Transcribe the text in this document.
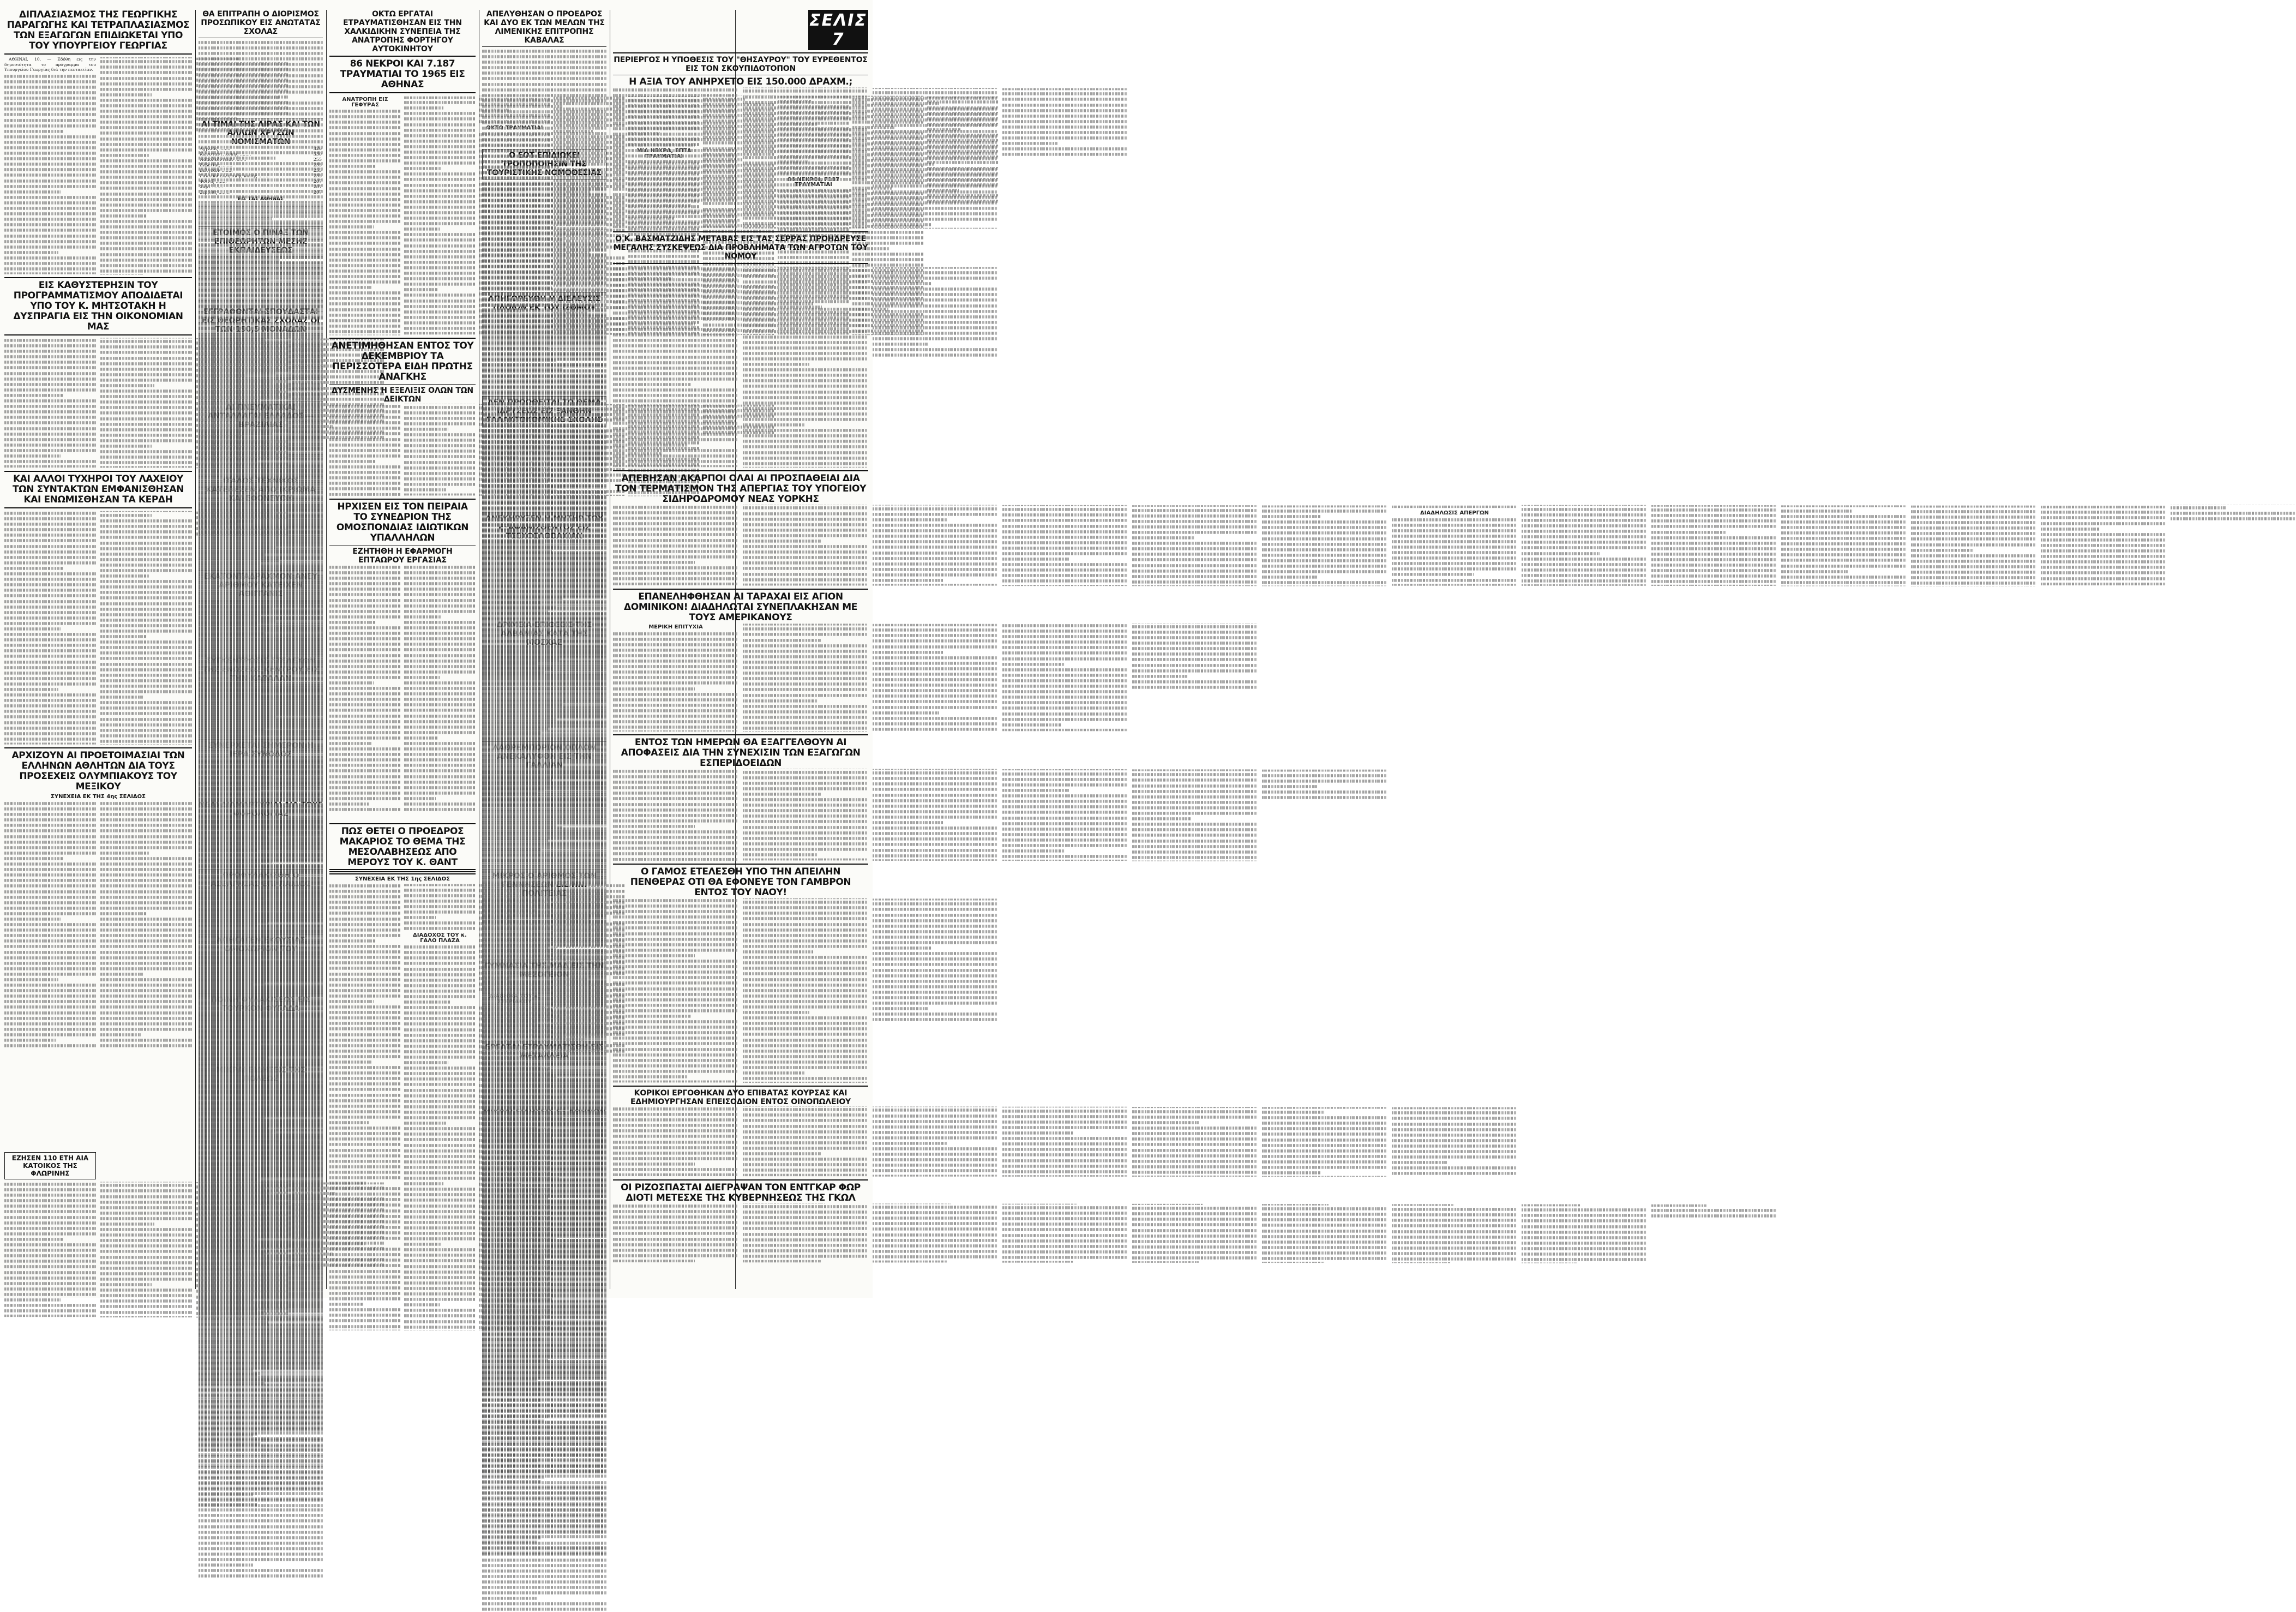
ΔΙΠΛΑΣΙΑΣΜΟΣ ΤΗΣ ΓΕΩΡΓΙΚΗΣ ΠΑΡΑΓΩΓΗΣ ΚΑΙ ΤΕΤΡΑΠΛΑΣΙΑΣΜΟΣ ΤΩΝ ΕΞΑΓΩΓΩΝ ΕΠΙΔΙΩΚΕΤΑΙ ΥΠΟ ΤΟΥ ΥΠΟΥΡΓΕΙΟΥ ΓΕΩΡΓΙΑΣ

ΑΘΗΝΑΙ, 10. — Εδόθη εις την δημοσιότητα το πρόγραμμα του Υπουργείου Γεωργίας διά την πενταετίαν.

ΕΙΣ ΚΑΘΥΣΤΕΡΗΣΙΝ ΤΟΥ ΠΡΟΓΡΑΜΜΑΤΙΣΜΟΥ ΑΠΟΔΙΔΕΤΑΙ ΥΠΟ ΤΟΥ Κ. ΜΗΤΣΟΤΑΚΗ Η ΔΥΣΠΡΑΓΙΑ ΕΙΣ ΤΗΝ ΟΙΚΟΝΟΜΙΑΝ ΜΑΣ
ΚΑΙ ΑΛΛΟΙ ΤΥΧΗΡΟΙ ΤΟΥ ΛΑΧΕΙΟΥ ΤΩΝ ΣΥΝΤΑΚΤΩΝ ΕΜΦΑΝΙΣΘΗΣΑΝ ΚΑΙ ΕΝΩΜΙΣΘΗΣΑΝ ΤΑ ΚΕΡΔΗ
ΑΡΧΙΖΟΥΝ ΑΙ ΠΡΟΕΤΟΙΜΑΣΙΑΙ ΤΩΝ ΕΛΛΗΝΩΝ ΑΘΛΗΤΩΝ ΔΙΑ ΤΟΥΣ ΠΡΟΣΕΧΕΙΣ ΟΛΥΜΠΙΑΚΟΥΣ ΤΟΥ ΜΕΞΙΚΟΥ
ΣΥΝΕΧΕΙΑ ΕΚ ΤΗΣ 4ης ΣΕΛΙΔΟΣ
ΕΖΗΣΕΝ 110 ΕΤΗ ΑΙΑ ΚΑΤΟΙΚΟΣ ΤΗΣ ΦΛΩΡΙΝΗΣ
ΘΑ ΕΠΙΤΡΑΠΗ Ο ΔΙΟΡΙΣΜΟΣ ΠΡΟΣΩΠΙΚΟΥ ΕΙΣ ΑΝΩΤΑΤΑΣ ΣΧΟΛΑΣ
ΑΛΛΩΝ ΧΡΥΣΩΝ
Αγγλίας ........	326
Κωνσταντ. κοπής ........	330
Ναπολεόντειον ........	255
Ελβετίας ........	255
Βελγικόν ........	255
Γαλλικά ελληνικής κοπής ........	255
Φοινιξ ........	207
Χαρτ ........	207

ΕΙΣ ΤΑΣ ΑΘΗΝΑΣ
ΣΧΟΛΑΣ ΟΙ
ΟΚΤΩ ΕΡΓΑΤΑΙ ΕΤΡΑΥΜΑΤΙΣΘΗΣΑΝ ΕΙΣ ΤΗΝ ΧΑΛΚΙΔΙΚΗΝ ΣΥΝΕΠΕΙΑ ΤΗΣ ΑΝΑΤΡΟΠΗΣ ΦΟΡΤΗΓΟΥ ΑΥΤΟΚΙΝΗΤΟΥ
86 ΝΕΚΡΟΙ ΚΑΙ 7.187 ΤΡΑΥΜΑΤΙΑΙ ΤΟ 1965 ΕΙΣ ΑΘΗΝΑΣ
ΑΝΑΤΡΟΠΗ ΕΙΣ ΓΕΦΥΡΑΣ
ΤΡΑΥΜΑΤΙΑΙ
ΑΝΕΤΙΜΗΘΗΣΑΝ ΕΝΤΟΣ ΤΟΥ ΔΕΚΕΜΒΡΙΟΥ ΤΑ ΠΕΡΙΣΣΟΤΕΡΑ ΕΙΔΗ ΠΡΩΤΗΣ ΑΝΑΓΚΗΣ
ΔΥΣΜΕΝΗΣ Η ΕΞΕΛΙΞΙΣ ΟΛΩΝ ΤΩΝ ΔΕΙΚΤΩΝ
ΗΡΧΙΣΕΝ ΕΙΣ ΤΟΝ ΠΕΙΡΑΙΑ ΤΟ ΣΥΝΕΔΡΙΟΝ ΤΗΣ ΟΜΟΣΠΟΝΔΙΑΣ ΙΔΙΩΤΙΚΩΝ ΥΠΑΛΛΗΛΩΝ
ΕΖΗΤΗΘΗ Η ΕΦΑΡΜΟΓΗ ΕΠΤΑΩΡΟΥ ΕΡΓΑΣΙΑΣ
ΠΩΣ ΘΕΤΕΙ Ο ΠΡΟΕΔΡΟΣ ΜΑΚΑΡΙΟΣ ΤΟ ΘΕΜΑ ΤΗΣ ΜΕΣΟΛΑΒΗΣΕΩΣ ΑΠΟ ΜΕΡΟΥΣ ΤΟΥ Κ. ΘΑΝΤ
ΣΥΝΕΧΕΙΑ ΕΚ ΤΗΣ 1ης ΣΕΛΙΔΟΣ
ΔΙΑΔΟΧΟΣ ΤΟΥ κ. ΓΑΛΟ ΠΛΑΖΑ
ΑΠΕΛΥΘΗΣΑΝ Ο ΠΡΟΕΔΡΟΣ ΚΑΙ ΔΥΟ ΕΚ ΤΩΝ ΜΕΛΩΝ ΤΗΣ ΛΙΜΕΝΙΚΗΣ ΕΠΙΤΡΟΠΗΣ ΚΑΒΑΛΑΣ
ΤΡΟΠΟΠΟΙΗΣΙΝ ΤΗΣ
ΠΛΟΙΩΝ ΕΚ ΤΟΥ ΙΣΘΜΟΥ
ΕΞΑΦΑΝΙΣΘΕΝΤΟΣ ΕΙΣ
ΣΕΛΙΣ 7
ΠΕΡΙΕΡΓΟΣ Η ΥΠΟΘΕΣΙΣ ΤΟΥ "ΘΗΣΑΥΡΟΥ" ΤΟΥ ΕΥΡΕΘΕΝΤΟΣ ΕΙΣ ΤΟΝ ΣΚΟΥΠΙΔΟΤΟΠΟΝ
Η ΑΞΙΑ ΤΟΥ ΑΝΗΡΧΕΤΟ ΕΙΣ 150.000 ΔΡΑΧΜ.;
Ο Κ. ΒΑΣΜΑΤΖΙΔΗΣ ΜΕΤΑΒΑΣ ΕΙΣ ΤΑΣ ΣΕΡΡΑΣ ΠΡΟΗΔΡΕΥΣΕ ΜΕΓΑΛΗΣ ΣΥΣΚΕΨΕΩΣ ΔΙΑ ΠΡΟΒΛΗΜΑΤΑ ΤΩΝ ΑΓΡΟΤΩΝ ΤΟΥ ΝΟΜΟΥ
ΑΠΕΒΗΣΑΝ ΑΚΑΡΠΟΙ ΟΛΑΙ ΑΙ ΠΡΟΣΠΑΘΕΙΑΙ ΔΙΑ ΤΟΝ ΤΕΡΜΑΤΙΣΜΟΝ ΤΗΣ ΑΠΕΡΓΙΑΣ ΤΟΥ ΥΠΟΓΕΙΟΥ ΣΙΔΗΡΟΔΡΟΜΟΥ ΝΕΑΣ ΥΟΡΚΗΣ
ΔΙΑΔΗΛΩΣΙΣ ΑΠΕΡΓΩΝ
ΕΠΑΝΕΛΗΦΘΗΣΑΝ ΑΙ ΤΑΡΑΧΑΙ ΕΙΣ ΑΓΙΟΝ ΔΟΜΙΝΙΚΟΝ! ΔΙΑΔΗΛΩΤΑΙ ΣΥΝΕΠΛΑΚΗΣΑΝ ΜΕ ΤΟΥΣ ΑΜΕΡΙΚΑΝΟΥΣ
ΜΕΡΙΚΗ ΕΠΙΤΥΧΙΑ
ΕΝΤΟΣ ΤΩΝ ΗΜΕΡΩΝ ΘΑ ΕΞΑΓΓΕΛΘΟΥΝ ΑΙ ΑΠΟΦΑΣΕΙΣ ΔΙΑ ΤΗΝ ΣΥΝΕΧΙΣΙΝ ΤΩΝ ΕΞΑΓΩΓΩΝ ΕΣΠΕΡΙΔΟΕΙΔΩΝ
Ο ΓΑΜΟΣ ΕΤΕΛΕΣΘΗ ΥΠΟ ΤΗΝ ΑΠΕΙΛΗΝ ΠΕΝΘΕΡΑΣ ΟΤΙ ΘΑ ΕΦΟΝΕΥΕ ΤΟΝ ΓΑΜΒΡΟΝ ΕΝΤΟΣ ΤΟΥ ΝΑΟΥ!
ΚΟΡΙΚΟΙ ΕΡΓΟΘΗΚΑΝ ΔΥΟ ΕΠΙΒΑΤΑΣ ΚΟΥΡΣΑΣ ΚΑΙ ΕΔΗΜΙΟΥΡΓΗΣΑΝ ΕΠΕΙΣΟΔΙΟΝ ΕΝΤΟΣ ΟΙΝΟΠΩΛΕΙΟΥ
ΟΙ ΡΙΖΟΣΠΑΣΤΑΙ ΔΙΕΓΡΑΨΑΝ ΤΟΝ ΕΝΤΓΚΑΡ ΦΩΡ ΔΙΟΤΙ ΜΕΤΕΣΧΕ ΤΗΣ ΚΥΒΕΡΝΗΣΕΩΣ ΤΗΣ ΓΚΩΛ
